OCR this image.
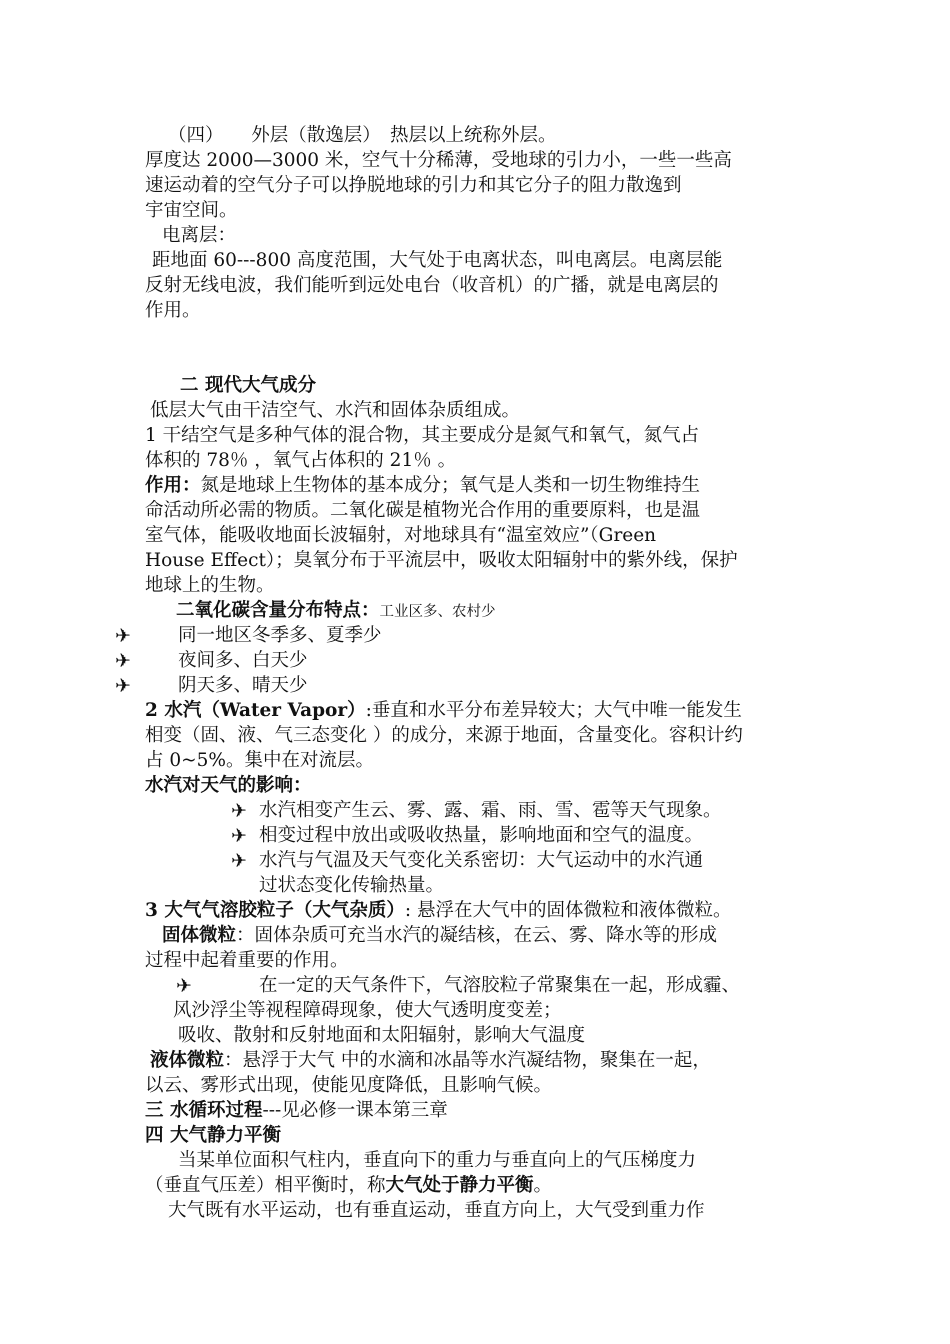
（四）　　外层（散逸层）　热层以上统称外层。
厚度达 2000—3000 米，空气十分稀薄，受地球的引力小，一些一些高
速运动着的空气分子可以挣脱地球的引力和其它分子的阻力散逸到
宇宙空间。
电离层：
距地面 60---800 高度范围，大气处于电离状态，叫电离层。电离层能
反射无线电波，我们能听到远处电台（收音机）的广播，就是电离层的
作用。
二 现代大气成分
低层大气由干洁空气、水汽和固体杂质组成。
1 干结空气是多种气体的混合物，其主要成分是氮气和氧气，氮气占
体积的 78％ ，氧气占体积的 21％ 。
作用：氮是地球上生物体的基本成分；氧气是人类和一切生物维持生
命活动所必需的物质。二氧化碳是植物光合作用的重要原料，也是温
室气体，能吸收地面长波辐射，对地球具有“温室效应”（Green
House Effect）；臭氧分布于平流层中，吸收太阳辐射中的紫外线，保护
地球上的生物。
二氧化碳含量分布特点：工业区多、农村少
✈	同一地区冬季多、夏季少
✈	夜间多、白天少
✈	阴天多、晴天少
2 水汽（Water Vapor）:垂直和水平分布差异较大；大气中唯一能发生
相变（固、液、气三态变化 ）的成分，来源于地面，含量变化。容积计约
占 0~5%。集中在对流层。
水汽对天气的影响：
✈ 水汽相变产生云、雾、露、霜、雨、雪、雹等天气现象。
✈ 相变过程中放出或吸收热量，影响地面和空气的温度。
✈ 水汽与气温及天气变化关系密切：大气运动中的水汽通
过状态变化传输热量。
3 大气气溶胶粒子（大气杂质）: 悬浮在大气中的固体微粒和液体微粒。
固体微粒：固体杂质可充当水汽的凝结核，在云、雾、降水等的形成
过程中起着重要的作用。
✈	在一定的天气条件下，气溶胶粒子常聚集在一起，形成霾、
风沙浮尘等视程障碍现象，使大气透明度变差；
吸收、散射和反射地面和太阳辐射，影响大气温度
液体微粒：悬浮于大气 中的水滴和冰晶等水汽凝结物，聚集在一起，
以云、雾形式出现，使能见度降低，且影响气候。
三 水循环过程---见必修一课本第三章
四 大气静力平衡
当某单位面积气柱内，垂直向下的重力与垂直向上的气压梯度力
（垂直气压差）相平衡时，称大气处于静力平衡。
大气既有水平运动，也有垂直运动，垂直方向上，大气受到重力作
